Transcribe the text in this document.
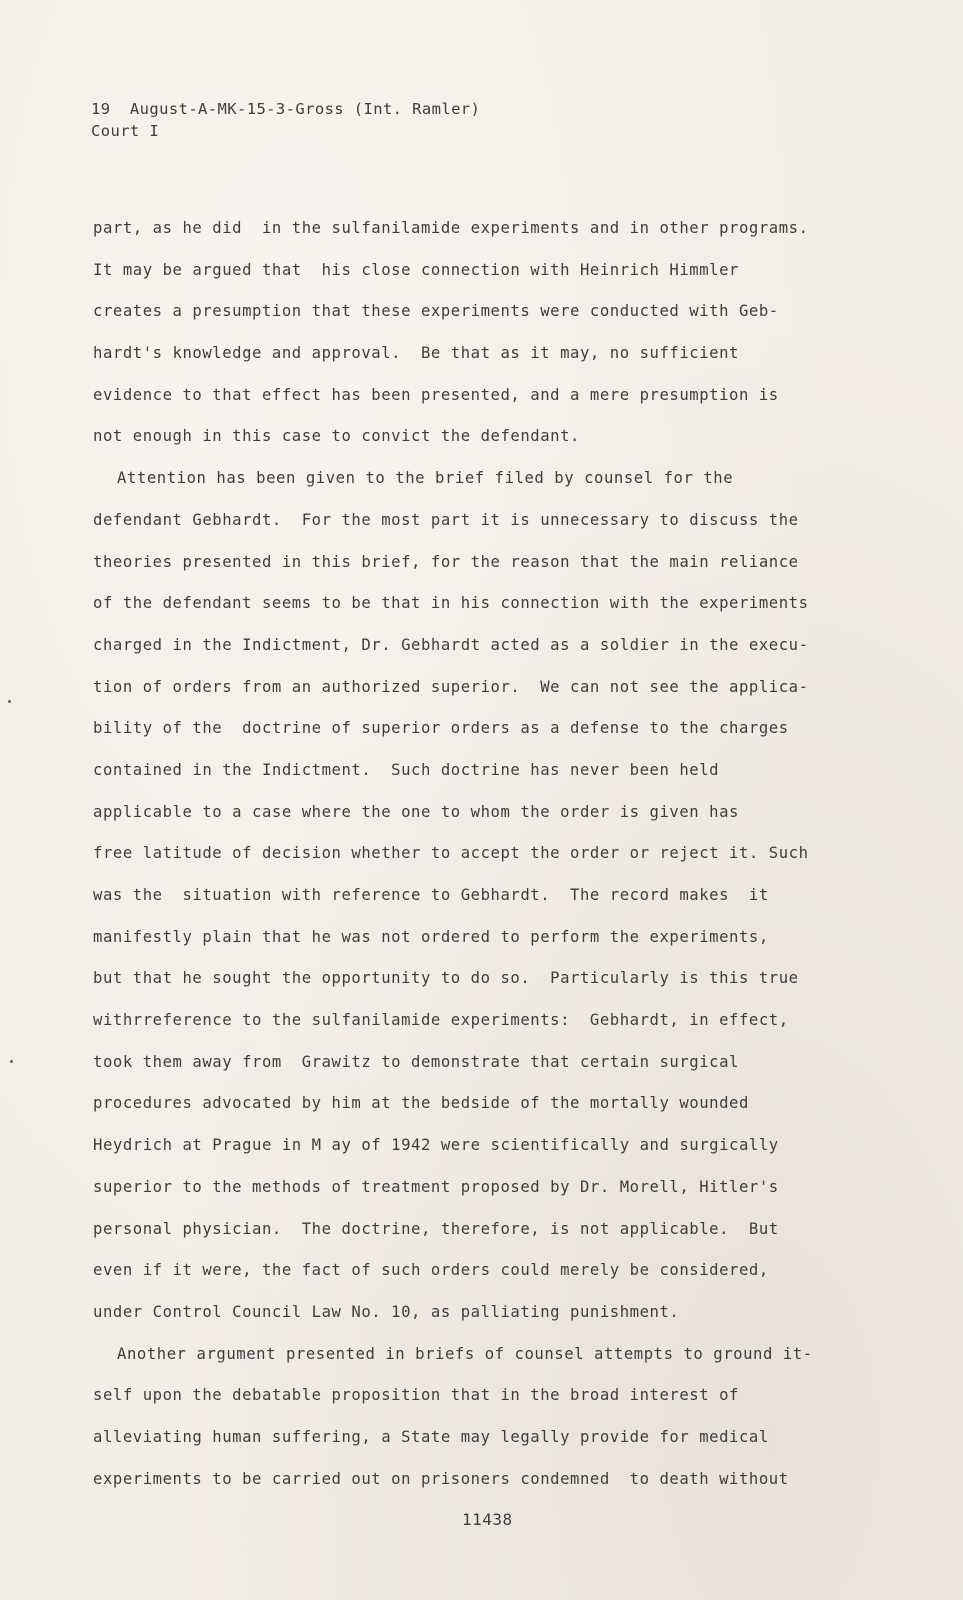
19  August-A-MK-15-3-Gross (Int. Ramler)
Court I
part, as he did  in the sulfanilamide experiments and in other programs.
It may be argued that  his close connection with Heinrich Himmler
creates a presumption that these experiments were conducted with Geb-
hardt's knowledge and approval.  Be that as it may, no sufficient
evidence to that effect has been presented, and a mere presumption is
not enough in this case to convict the defendant.
Attention has been given to the brief filed by counsel for the
defendant Gebhardt.  For the most part it is unnecessary to discuss the
theories presented in this brief, for the reason that the main reliance
of the defendant seems to be that in his connection with the experiments
charged in the Indictment, Dr. Gebhardt acted as a soldier in the execu-
tion of orders from an authorized superior.  We can not see the applica-
bility of the  doctrine of superior orders as a defense to the charges
contained in the Indictment.  Such doctrine has never been held
applicable to a case where the one to whom the order is given has
free latitude of decision whether to accept the order or reject it. Such
was the  situation with reference to Gebhardt.  The record makes  it
manifestly plain that he was not ordered to perform the experiments,
but that he sought the opportunity to do so.  Particularly is this true
withrreference to the sulfanilamide experiments:  Gebhardt, in effect,
took them away from  Grawitz to demonstrate that certain surgical
procedures advocated by him at the bedside of the mortally wounded
Heydrich at Prague in M ay of 1942 were scientifically and surgically
superior to the methods of treatment proposed by Dr. Morell, Hitler's
personal physician.  The doctrine, therefore, is not applicable.  But
even if it were, the fact of such orders could merely be considered,
under Control Council Law No. 10, as palliating punishment.
Another argument presented in briefs of counsel attempts to ground it-
self upon the debatable proposition that in the broad interest of
alleviating human suffering, a State may legally provide for medical
experiments to be carried out on prisoners condemned  to death without
11438
